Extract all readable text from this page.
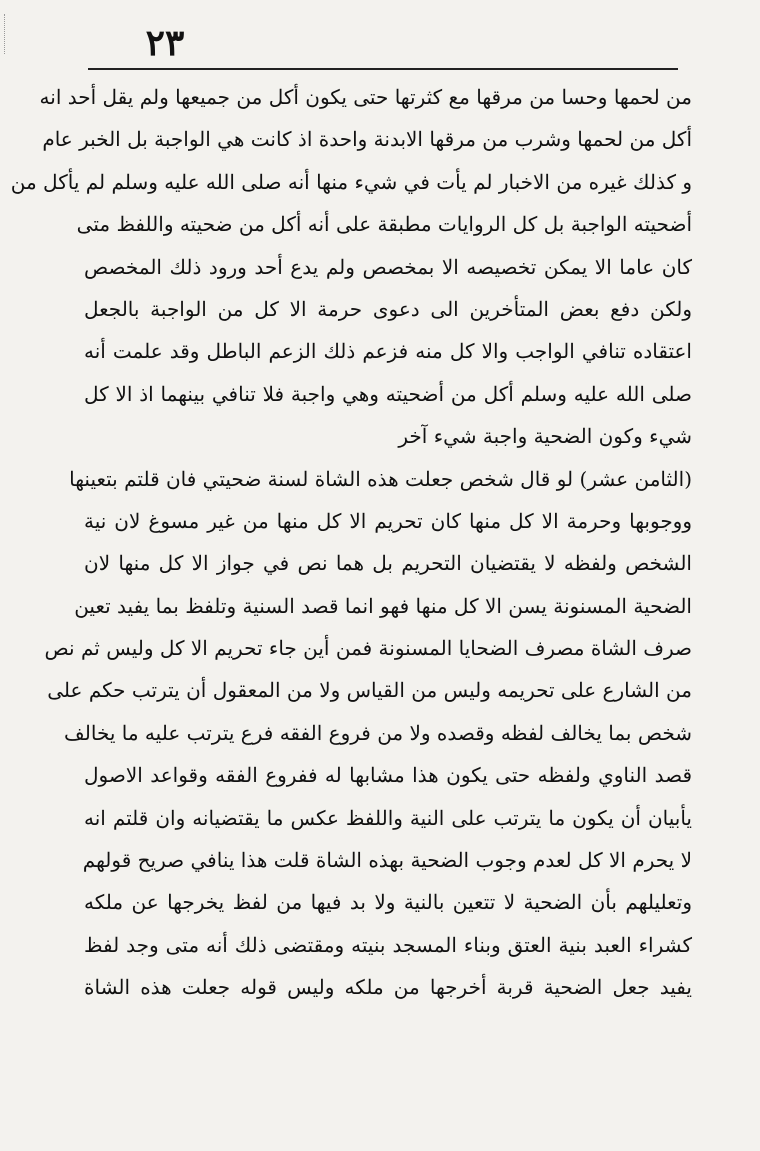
٢٣
من لحمها وحسا من مرقها مع كثرتها حتى يكون أكل من جميعها ولم يقل أحد انه
أكل من لحمها وشرب من مرقها الابدنة واحدة اذ كانت هي الواجبة بل الخبر عام
و كذلك غيره من الاخبار لم يأت في شيء منها أنه صلى الله عليه وسلم لم يأكل من
أضحيته الواجبة بل كل الروايات مطبقة على أنه أكل من ضحيته واللفظ متى
كان عاما الا يمكن تخصيصه الا بمخصص ولم يدع أحد ورود ذلك المخصص
ولكن دفع بعض المتأخرين الى دعوى حرمة الا كل من الواجبة بالجعل
اعتقاده تنافي الواجب والا كل منه فزعم ذلك الزعم الباطل وقد علمت أنه
صلى الله عليه وسلم أكل من أضحيته وهي واجبة فلا تنافي بينهما اذ الا كل
شيء وكون الضحية واجبة شيء آخر
(الثامن عشر) لو قال شخص جعلت هذه الشاة لسنة ضحيتي فان قلتم بتعينها
ووجوبها وحرمة الا كل منها كان تحريم الا كل منها من غير مسوغ لان نية
الشخص ولفظه لا يقتضيان التحريم بل هما نص في جواز الا كل منها لان
الضحية المسنونة يسن الا كل منها فهو انما قصد السنية وتلفظ بما يفيد تعين
صرف الشاة مصرف الضحايا المسنونة فمن أين جاء تحريم الا كل وليس ثم نص
من الشارع على تحريمه وليس من القياس ولا من المعقول أن يترتب حكم على
شخص بما يخالف لفظه وقصده ولا من فروع الفقه فرع يترتب عليه ما يخالف
قصد الناوي ولفظه حتى يكون هذا مشابها له ففروع الفقه وقواعد الاصول
يأبيان أن يكون ما يترتب على النية واللفظ عكس ما يقتضيانه وان قلتم انه
لا يحرم الا كل لعدم وجوب الضحية بهذه الشاة قلت هذا ينافي صريح قولهم
وتعليلهم بأن الضحية لا تتعين بالنية ولا بد فيها من لفظ يخرجها عن ملكه
كشراء العبد بنية العتق وبناء المسجد بنيته ومقتضى ذلك أنه متى وجد لفظ
يفيد جعل الضحية قربة أخرجها من ملكه وليس قوله جعلت هذه الشاة
